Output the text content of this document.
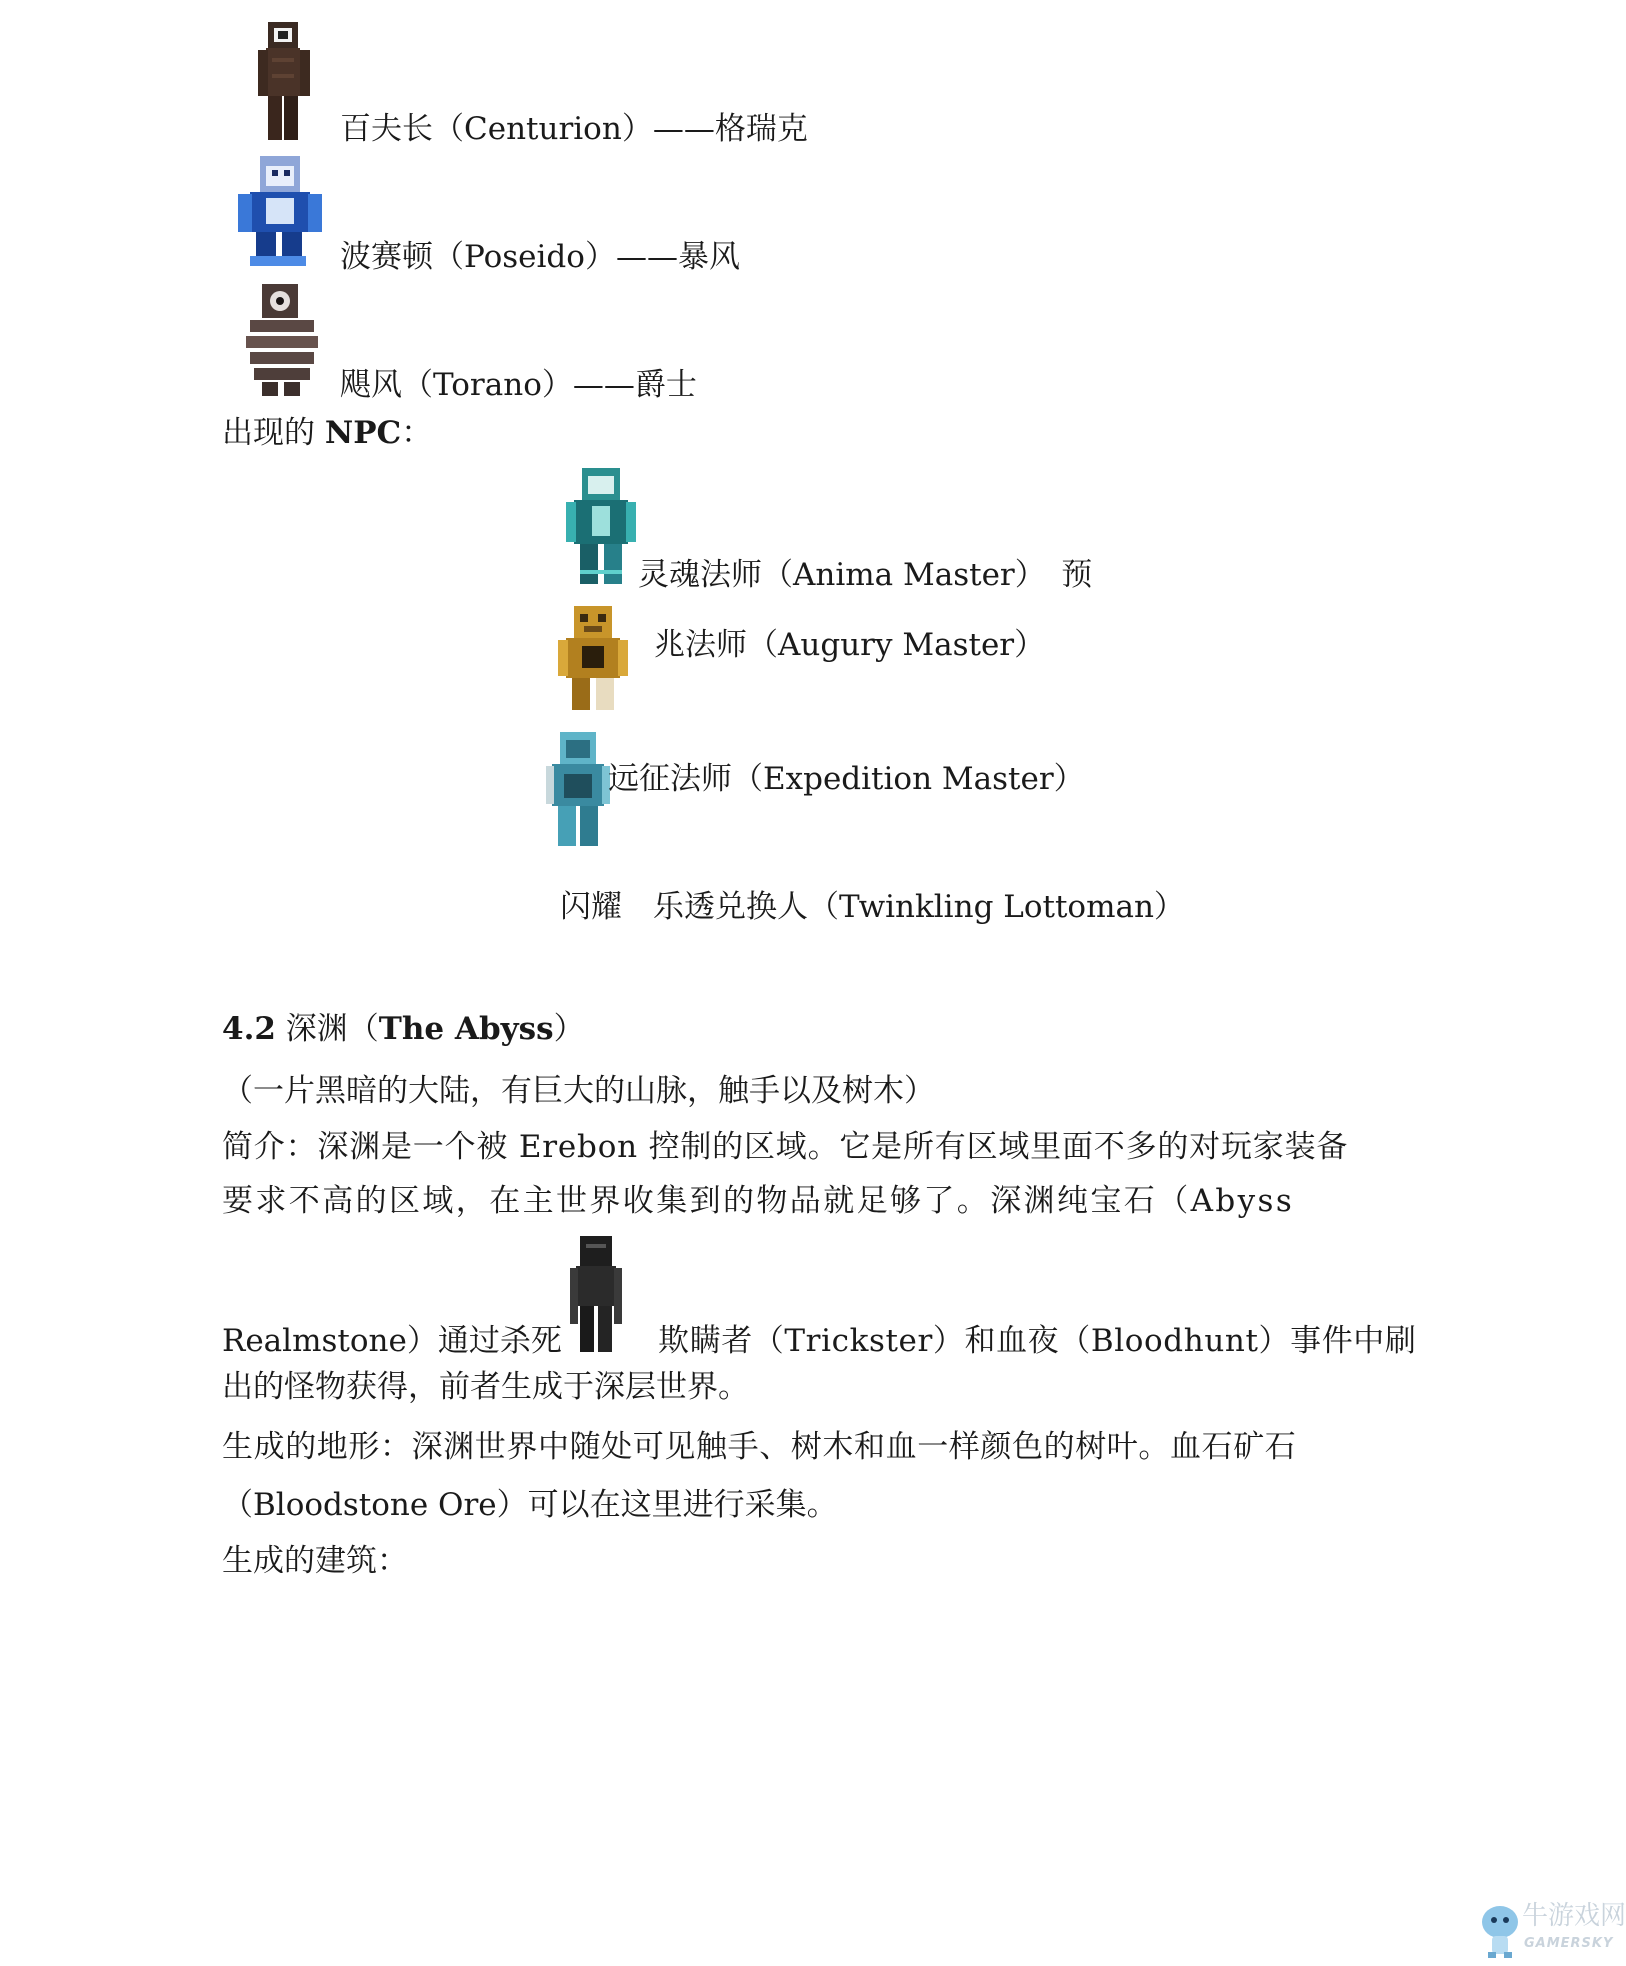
百夫长（Centurion）——格瑞克
波赛顿（Poseido）——暴风
飓风（Torano）——爵士
出现的 NPC：
灵魂法师（Anima Master）　预
兆法师（Augury Master）
远征法师（Expedition Master）
闪耀　乐透兑换人（Twinkling Lottoman）
4.2 深渊（The Abyss）
（一片黑暗的大陆，有巨大的山脉，触手以及树木）
简介：深渊是一个被 Erebon 控制的区域。它是所有区域里面不多的对玩家装备
要求不高的区域，在主世界收集到的物品就足够了。深渊纯宝石（Abyss
Realmstone）通过杀死	欺瞒者（Trickster）和血夜（Bloodhunt）事件中刷
出的怪物获得，前者生成于深层世界。
生成的地形：深渊世界中随处可见触手、树木和血一样颜色的树叶。血石矿石
（Bloodstone Ore）可以在这里进行采集。
生成的建筑：
牛游戏网
GAMERSKY
